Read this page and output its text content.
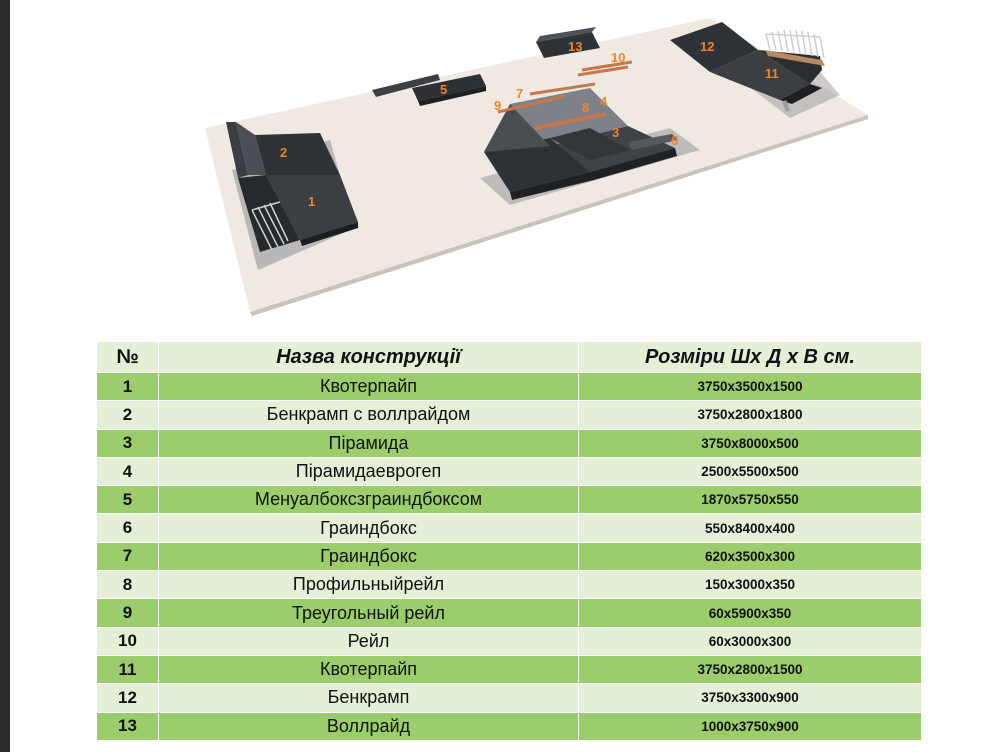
1
2
3
4
5
6
7
8
9
10
11
12
13
№	Назва конструкції	Розміри Шх Д х В см.
1	Квотерпайп	3750x3500x1500
2	Бенкрамп с воллрайдом	3750x2800x1800
3	Пірамида	3750x8000x500
4	Пірамидаеврогеп	2500x5500x500
5	Менуалбоксзграиндбоксом	1870x5750x550
6	Граиндбокс	550x8400x400
7	Граиндбокс	620x3500x300
8	Профильныйрейл	150x3000x350
9	Треугольный рейл	60x5900x350
10	Рейл	60x3000x300
11	Квотерпайп	3750x2800x1500
12	Бенкрамп	3750x3300x900
13	Воллрайд	1000x3750x900
